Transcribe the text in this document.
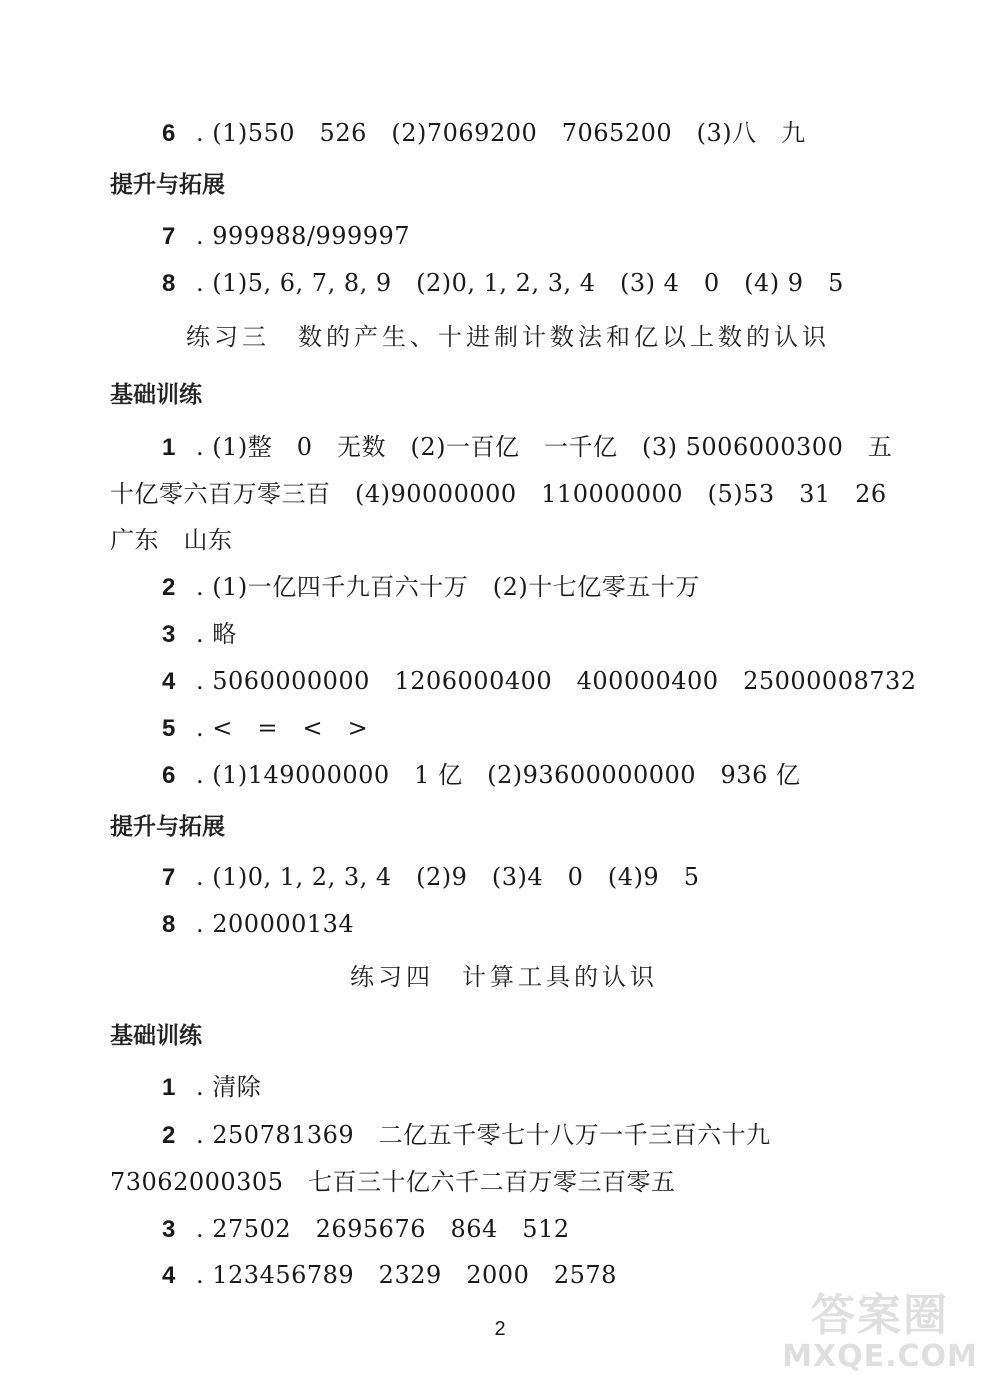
6 . (1)550　526　(2)7069200　7065200　(3)八　九
提升与拓展
7 . 999988/999997
8 . (1)5, 6, 7, 8, 9　(2)0, 1, 2, 3, 4　(3) 4　0　(4) 9　5
练习三　数的产生、十进制计数法和亿以上数的认识
基础训练
1 . (1)整　0　无数　(2)一百亿　一千亿　(3) 5006000300　五
十亿零六百万零三百　(4)90000000　110000000　(5)53　31　26
广东　山东
2 . (1)一亿四千九百六十万　(2)十七亿零五十万
3 . 略
4 . 5060000000　1206000400　400000400　25000008732
5 . <　=　<　>
6 . (1)149000000　1 亿　(2)93600000000　936 亿
提升与拓展
7 . (1)0, 1, 2, 3, 4　(2)9　(3)4　0　(4)9　5
8 . 200000134
练习四　计算工具的认识
基础训练
1 . 清除
2 . 250781369　二亿五千零七十八万一千三百六十九
73062000305　七百三十亿六千二百万零三百零五
3 . 27502　2695676　864　512
4 . 123456789　2329　2000　2578
2	答案圈
MXQE.COM
